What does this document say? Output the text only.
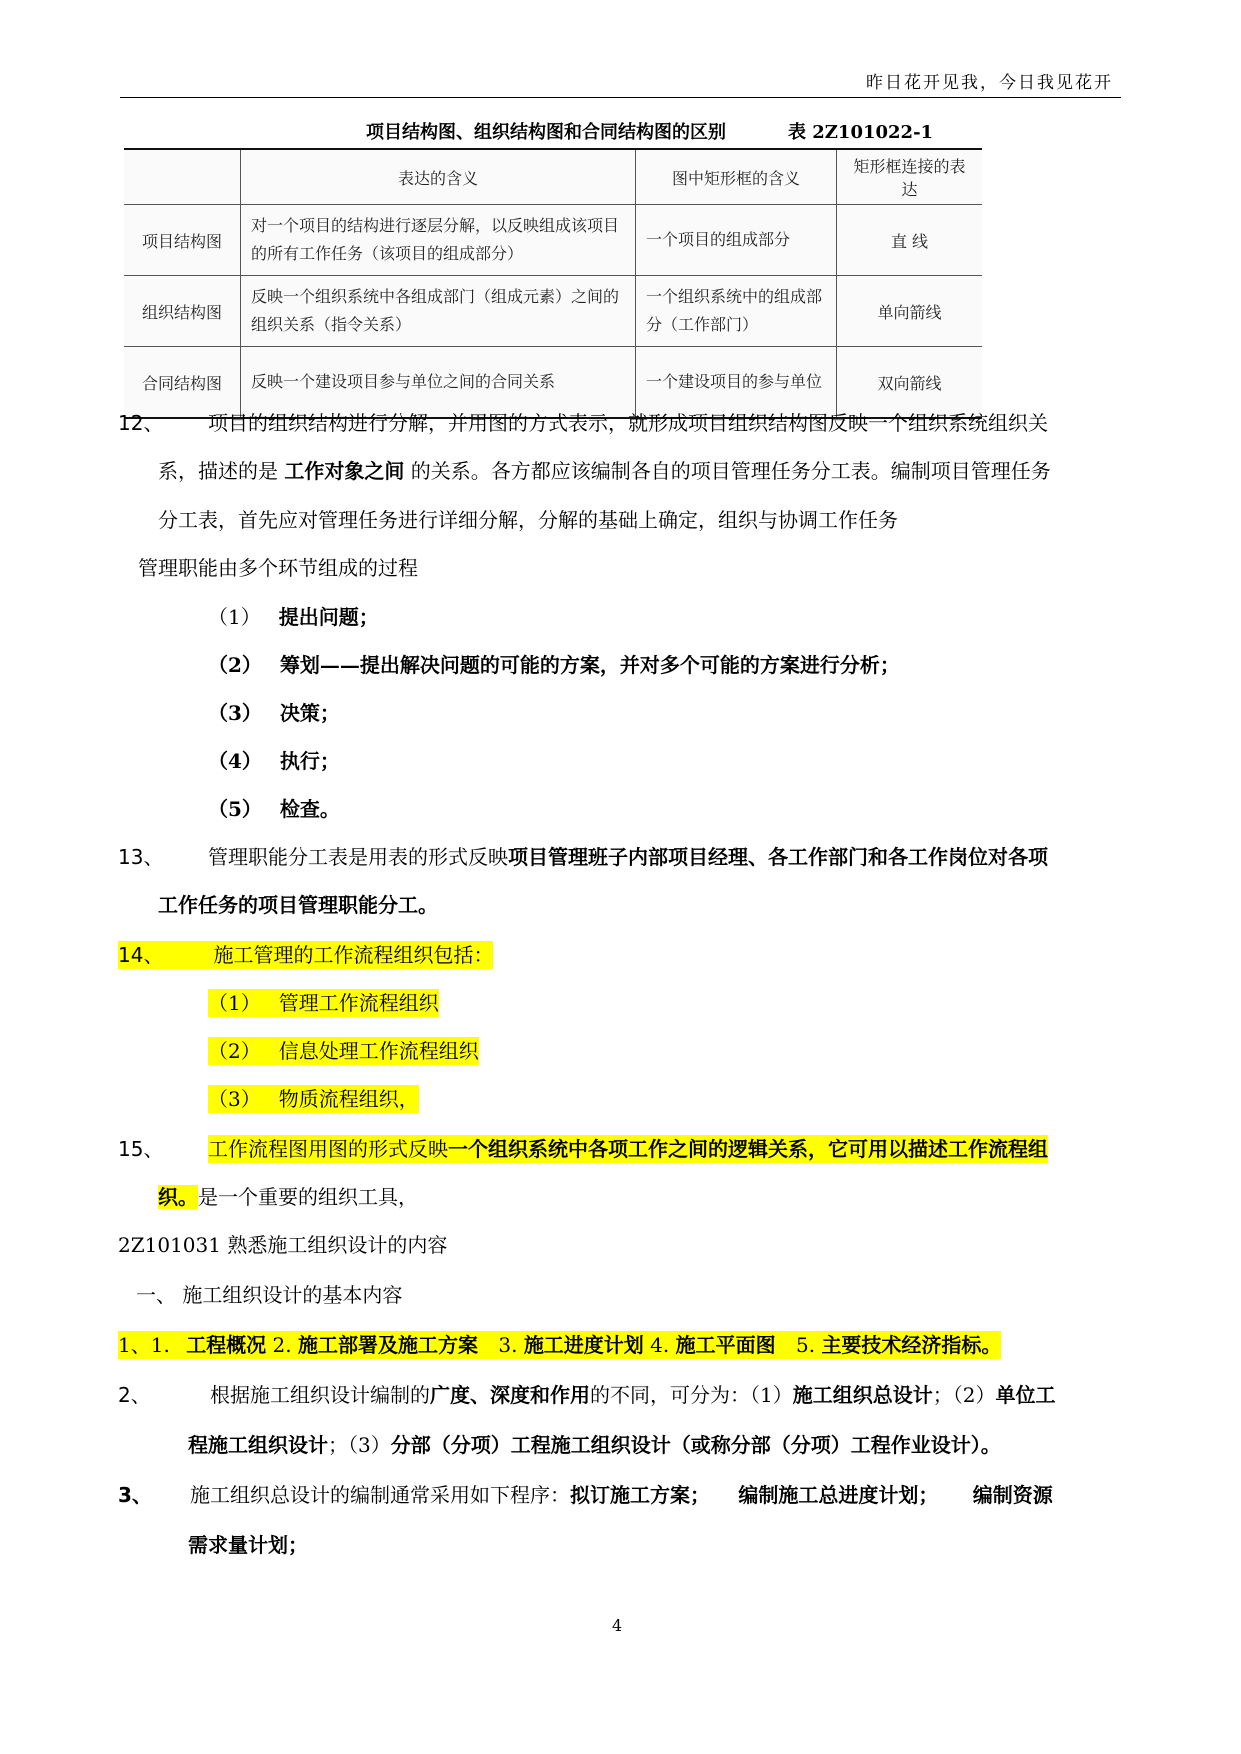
昨日花开见我，今日我见花开
项目结构图、组织结构图和合同结构图的区别	表 2Z101022-1
	表达的含义	图中矩形框的含义	矩形框连接的表达
项目结构图	对一个项目的结构进行逐层分解，以反映组成该项目的所有工作任务（该项目的组成部分）	一个项目的组成部分	直 线
组织结构图	反映一个组织系统中各组成部门（组成元素）之间的组织关系（指令关系）	一个组织系统中的组成部分（工作部门）	单向箭线
合同结构图	反映一个建设项目参与单位之间的合同关系	一个建设项目的参与单位	双向箭线
12、 项目的组织结构进行分解，并用图的方式表示，就形成项目组织结构图反映一个组织系统组织关
系，描述的是 工作对象之间 的关系。各方都应该编制各自的项目管理任务分工表。编制项目管理任务
分工表，首先应对管理任务进行详细分解，分解的基础上确定，组织与协调工作任务
管理职能由多个环节组成的过程
（1） 提出问题；
（2） 筹划——提出解决问题的可能的方案，并对多个可能的方案进行分析；
（3） 决策；
（4） 执行；
（5） 检查。
13、 管理职能分工表是用表的形式反映项目管理班子内部项目经理、各工作部门和各工作岗位对各项
工作任务的项目管理职能分工。
14、	施工管理的工作流程组织包括：
（1） 管理工作流程组织
（2） 信息处理工作流程组织
（3） 物质流程组织，
15、 工作流程图用图的形式反映一个组织系统中各项工作之间的逻辑关系，它可用以描述工作流程组
织。是一个重要的组织工具，
2Z101031 熟悉施工组织设计的内容
一、 施工组织设计的基本内容
1、1. 工程概况 2. 施工部署及施工方案 3. 施工进度计划 4. 施工平面图 5. 主要技术经济指标。
2、	根据施工组织设计编制的广度、深度和作用的不同，可分为：（1）施工组织总设计；（2）单位工
程施工组织设计；（3）分部（分项）工程施工组织设计（或称分部（分项）工程作业设计）。
3、 施工组织总设计的编制通常采用如下程序：拟订施工方案； 编制施工总进度计划； 编制资源
需求量计划；
4
